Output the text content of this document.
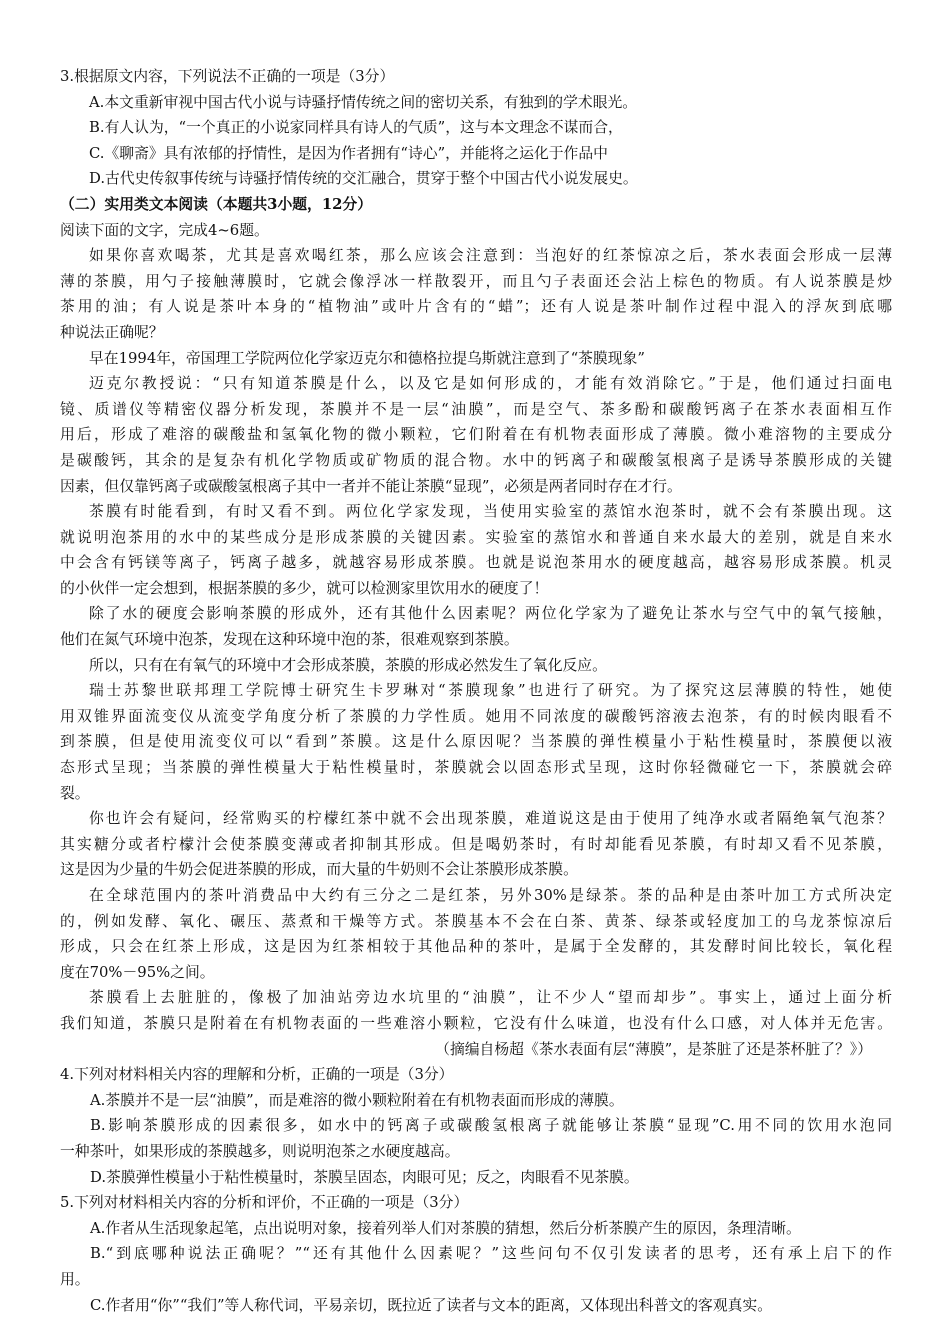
3.根据原文内容，下列说法不正确的一项是（3分）
A.本文重新审视中国古代小说与诗骚抒情传统之间的密切关系，有独到的学术眼光。
B.有人认为，“一个真正的小说家同样具有诗人的气质”，这与本文理念不谋而合，
C.《聊斋》具有浓郁的抒情性，是因为作者拥有“诗心”，并能将之运化于作品中
D.古代史传叙事传统与诗骚抒情传统的交汇融合，贯穿于整个中国古代小说发展史。
（二）实用类文本阅读（本题共3小题，12分）
阅读下面的文字，完成4~6题。
如果你喜欢喝茶，尤其是喜欢喝红茶，那么应该会注意到：当泡好的红茶惊凉之后，茶水表面会形成一层薄
薄的茶膜，用勺子接触薄膜时，它就会像浮冰一样散裂开，而且勺子表面还会沾上棕色的物质。有人说茶膜是炒
茶用的油；有人说是茶叶本身的“植物油”或叶片含有的“蜡”；还有人说是茶叶制作过程中混入的浮灰到底哪
种说法正确呢？
早在1994年，帝国理工学院两位化学家迈克尔和德格拉提乌斯就注意到了“茶膜现象”
迈克尔教授说：“只有知道茶膜是什么，以及它是如何形成的，才能有效消除它。”于是，他们通过扫面电
镜、质谱仪等精密仪器分析发现，茶膜并不是一层“油膜”，而是空气、茶多酚和碳酸钙离子在茶水表面相互作
用后，形成了难溶的碳酸盐和氢氧化物的微小颗粒，它们附着在有机物表面形成了薄膜。微小难溶物的主要成分
是碳酸钙，其余的是复杂有机化学物质或矿物质的混合物。水中的钙离子和碳酸氢根离子是诱导茶膜形成的关键
因素，但仅靠钙离子或碳酸氢根离子其中一者并不能让茶膜“显现”，必须是两者同时存在才行。
茶膜有时能看到，有时又看不到。两位化学家发现，当使用实验室的蒸馆水泡茶时，就不会有茶膜出现。这
就说明泡茶用的水中的某些成分是形成茶膜的关键因素。实验室的蒸馆水和普通自来水最大的差别，就是自来水
中会含有钙镁等离子，钙离子越多，就越容易形成茶膜。也就是说泡茶用水的硬度越高，越容易形成茶膜。机灵
的小伙伴一定会想到，根据茶膜的多少，就可以检测家里饮用水的硬度了！
除了水的硬度会影响茶膜的形成外，还有其他什么因素呢？两位化学家为了避免让茶水与空气中的氧气接触，
他们在氮气环境中泡茶，发现在这种环境中泡的茶，很难观察到茶膜。
所以，只有在有氧气的环境中才会形成茶膜，茶膜的形成必然发生了氧化反应。
瑞士苏黎世联邦理工学院博士研究生卡罗琳对“茶膜现象”也进行了研究。为了探究这层薄膜的特性，她使
用双锥界面流变仪从流变学角度分析了茶膜的力学性质。她用不同浓度的碳酸钙溶液去泡茶，有的时候肉眼看不
到茶膜，但是使用流变仪可以“看到”茶膜。这是什么原因呢？当茶膜的弹性模量小于粘性模量时，茶膜便以液
态形式呈现；当茶膜的弹性模量大于粘性模量时，茶膜就会以固态形式呈现，这时你轻微碰它一下，茶膜就会碎
裂。
你也许会有疑问，经常购买的柠檬红茶中就不会出现茶膜，难道说这是由于使用了纯净水或者隔绝氧气泡茶？
其实糖分或者柠檬汁会使茶膜变薄或者抑制其形成。但是喝奶茶时，有时却能看见茶膜，有时却又看不见茶膜，
这是因为少量的牛奶会促进茶膜的形成，而大量的牛奶则不会让茶膜形成茶膜。
在全球范围内的茶叶消费品中大约有三分之二是红茶，另外30%是绿茶。茶的品种是由茶叶加工方式所决定
的，例如发酵、氧化、碾压、蒸煮和干燥等方式。茶膜基本不会在白茶、黄茶、绿茶或轻度加工的乌龙茶惊凉后
形成，只会在红茶上形成，这是因为红茶相较于其他品种的茶叶，是属于全发酵的，其发酵时间比较长，氧化程
度在70%－95%之间。
茶膜看上去脏脏的，像极了加油站旁边水坑里的“油膜”，让不少人“望而却步”。事实上，通过上面分析
我们知道，茶膜只是附着在有机物表面的一些难溶小颗粒，它没有什么味道，也没有什么口感，对人体并无危害。
（摘编自杨超《茶水表面有层“薄膜”，是茶脏了还是茶杯脏了？》）
4.下列对材料相关内容的理解和分析，正确的一项是（3分）
A.茶膜并不是一层“油膜”，而是难溶的微小颗粒附着在有机物表面而形成的薄膜。
B.影响茶膜形成的因素很多，如水中的钙离子或碳酸氢根离子就能够让茶膜“显现”C.用不同的饮用水泡同
一种茶叶，如果形成的茶膜越多，则说明泡茶之水硬度越高。
D.茶膜弹性模量小于粘性模量时，茶膜呈固态，肉眼可见；反之，肉眼看不见茶膜。
5.下列对材料相关内容的分析和评价，不正确的一项是（3分）
A.作者从生活现象起笔，点出说明对象，接着列举人们对茶膜的猜想，然后分析茶膜产生的原因，条理清晰。
B.“到底哪种说法正确呢？”“还有其他什么因素呢？”这些问句不仅引发读者的思考，还有承上启下的作
用。
C.作者用“你”“我们”等人称代词，平易亲切，既拉近了读者与文本的距离，又体现出科普文的客观真实。
